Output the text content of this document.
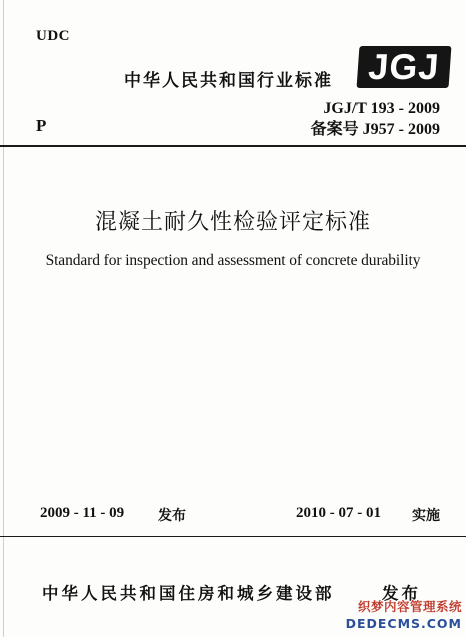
UDC
中华人民共和国行业标准 JGJ
P
JGJ/T 193 - 2009
备案号 J957 - 2009
混凝土耐久性检验评定标准
Standard for inspection and assessment of concrete durability
2009 - 11 - 09 发布	2010 - 07 - 01 实施
中华人民共和国住房和城乡建设部	发布
织梦内容管理系统
DEDECMS.COM
